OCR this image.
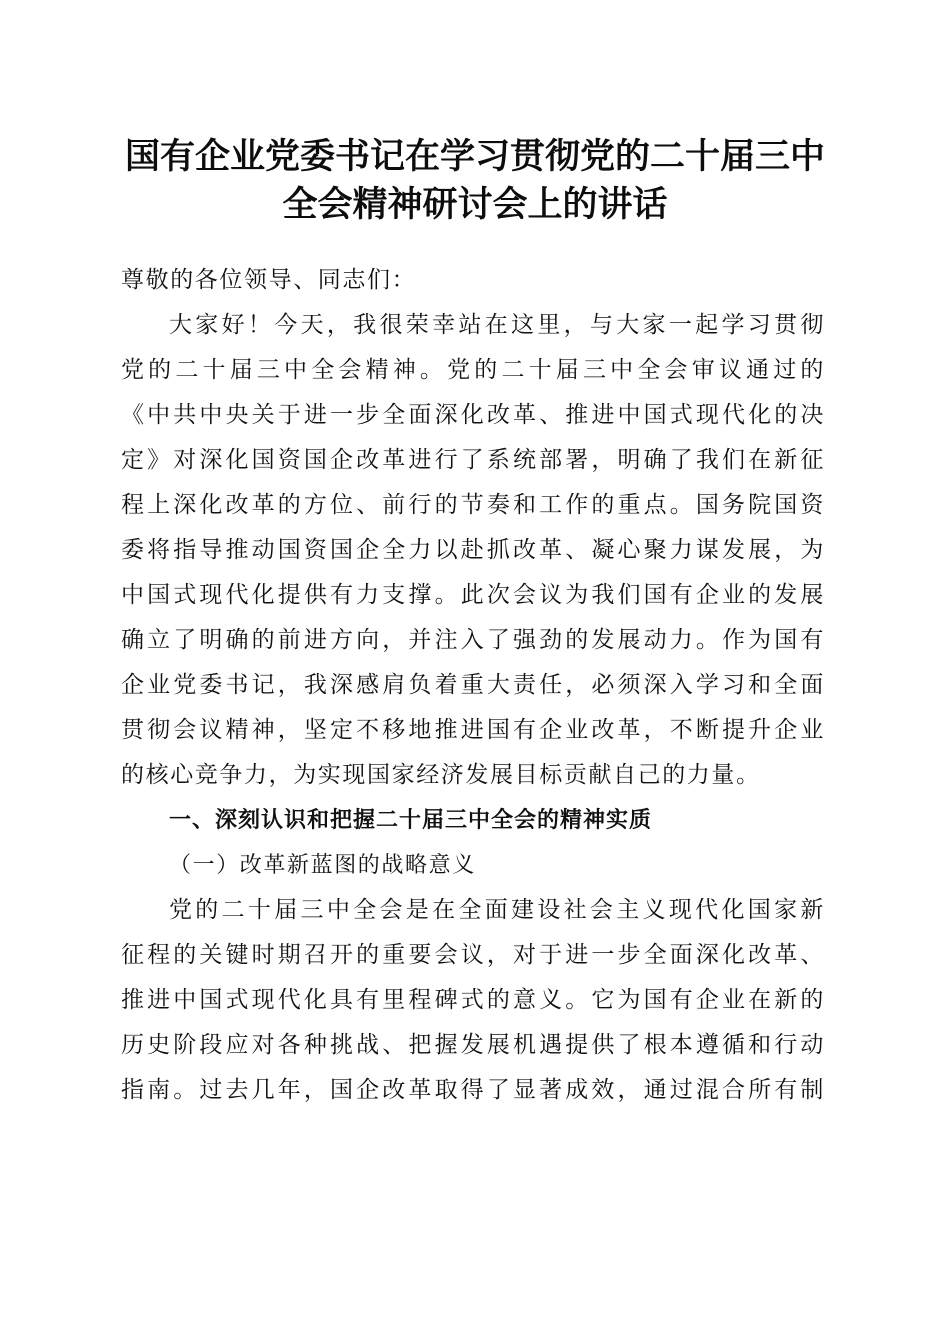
国有企业党委书记在学习贯彻党的二十届三中
全会精神研讨会上的讲话
尊敬的各位领导、同志们：
大家好！今天，我很荣幸站在这里，与大家一起学习贯彻
党的二十届三中全会精神。党的二十届三中全会审议通过的
《中共中央关于进一步全面深化改革、推进中国式现代化的决
定》对深化国资国企改革进行了系统部署，明确了我们在新征
程上深化改革的方位、前行的节奏和工作的重点。国务院国资
委将指导推动国资国企全力以赴抓改革、凝心聚力谋发展，为
中国式现代化提供有力支撑。此次会议为我们国有企业的发展
确立了明确的前进方向，并注入了强劲的发展动力。作为国有
企业党委书记，我深感肩负着重大责任，必须深入学习和全面
贯彻会议精神，坚定不移地推进国有企业改革，不断提升企业
的核心竞争力，为实现国家经济发展目标贡献自己的力量。
一、深刻认识和把握二十届三中全会的精神实质
（一）改革新蓝图的战略意义
党的二十届三中全会是在全面建设社会主义现代化国家新
征程的关键时期召开的重要会议，对于进一步全面深化改革、
推进中国式现代化具有里程碑式的意义。它为国有企业在新的
历史阶段应对各种挑战、把握发展机遇提供了根本遵循和行动
指南。过去几年，国企改革取得了显著成效，通过混合所有制
